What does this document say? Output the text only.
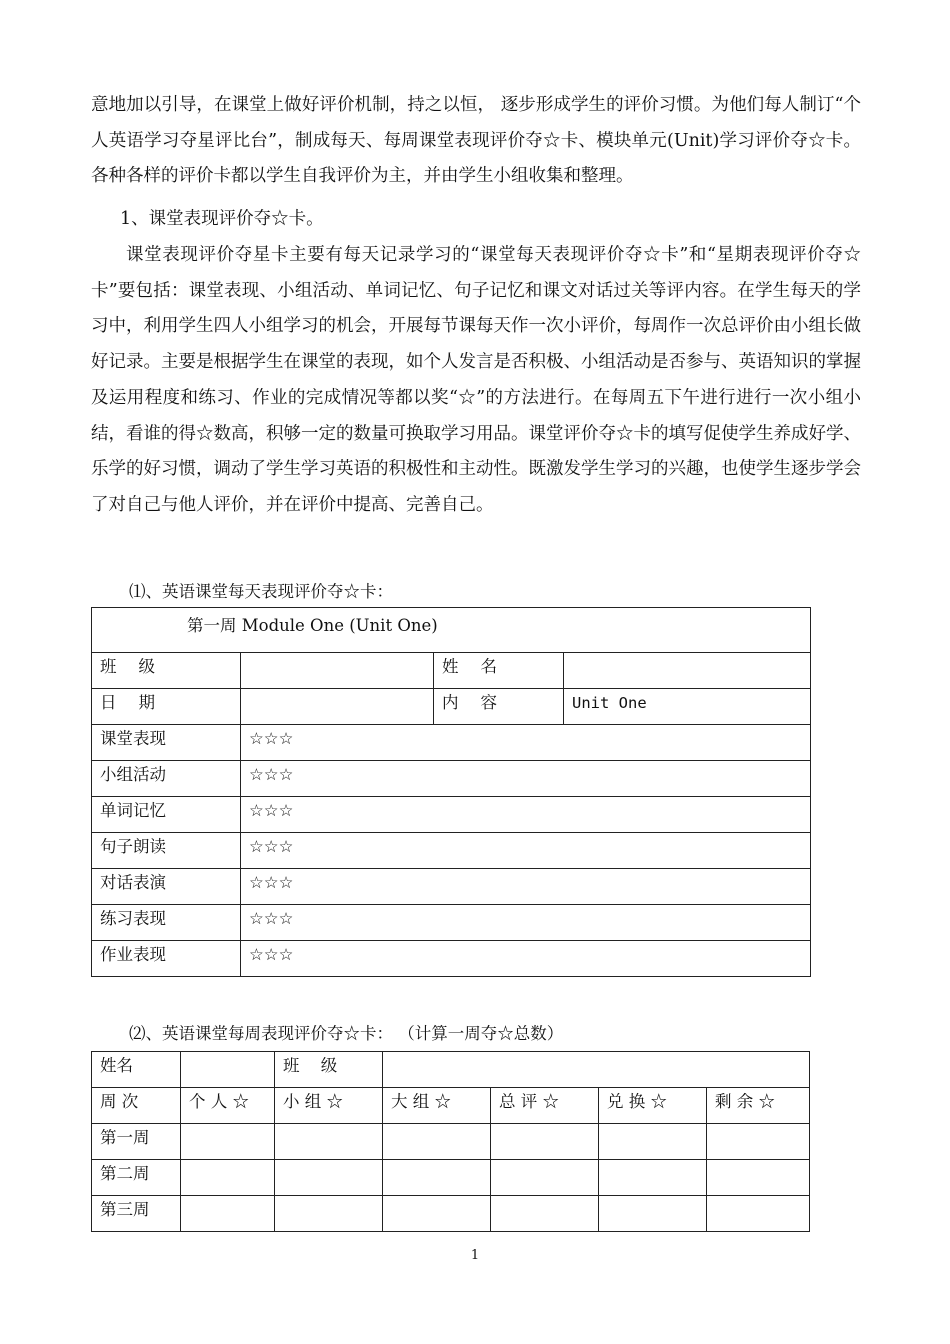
意地加以引导，在课堂上做好评价机制，持之以恒， 逐步形成学生的评价习惯。为他们每人制订“个人英语学习夺星评比台”，制成每天、每周课堂表现评价夺☆卡、模块单元(Unit)学习评价夺☆卡。各种各样的评价卡都以学生自我评价为主，并由学生小组收集和整理。

1、课堂表现评价夺☆卡。

课堂表现评价夺星卡主要有每天记录学习的“课堂每天表现评价夺☆卡”和“星期表现评价夺☆卡”要包括：课堂表现、小组活动、单词记忆、句子记忆和课文对话过关等评内容。在学生每天的学习中，利用学生四人小组学习的机会，开展每节课每天作一次小评价，每周作一次总评价由小组长做好记录。主要是根据学生在课堂的表现，如个人发言是否积极、小组活动是否参与、英语知识的掌握及运用程度和练习、作业的完成情况等都以奖“☆”的方法进行。在每周五下午进行进行一次小组小结，看谁的得☆数高，积够一定的数量可换取学习用品。课堂评价夺☆卡的填写促使学生养成好学、乐学的好习惯，调动了学生学习英语的积极性和主动性。既激发学生学习的兴趣，也使学生逐步学会了对自己与他人评价，并在评价中提高、完善自己。

⑴、英语课堂每天表现评价夺☆卡：

第一周 Module One (Unit One)			
班级		姓名	
日期		内容	Unit One
课堂表现	☆☆☆		
小组活动	☆☆☆		
单词记忆	☆☆☆		
句子朗读	☆☆☆		
对话表演	☆☆☆		
练习表现	☆☆☆		
作业表现	☆☆☆		

⑵、英语课堂每周表现评价夺☆卡： （计算一周夺☆总数）

姓名		班 级				
周 次	个 人 ☆	小 组 ☆	大 组 ☆	总 评 ☆	兑 换 ☆	剩 余 ☆
第一周						
第二周						
第三周						
1
